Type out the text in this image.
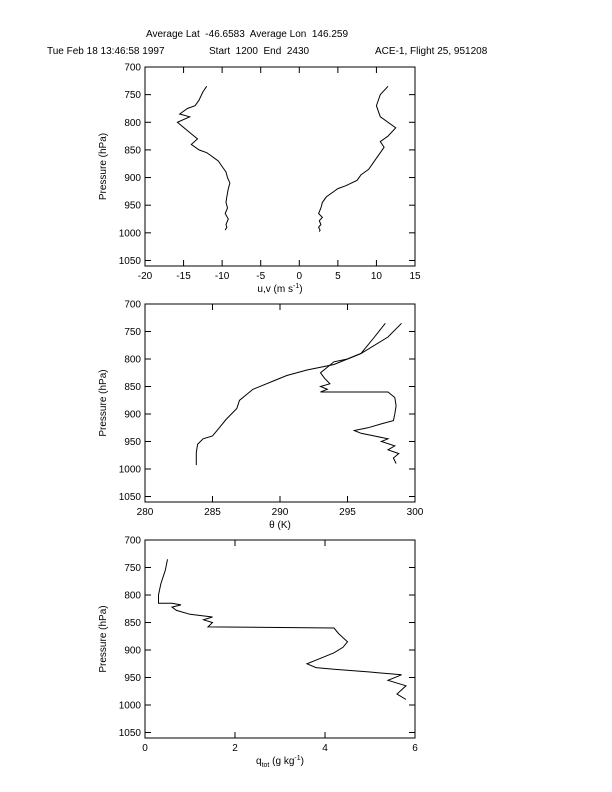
Average Lat  -46.6583  Average Lon  146.259
Tue Feb 18 13:46:58 1997	Start  1200  End  2430	ACE-1, Flight 25, 951208
-20 -15 -10	-5	0	5	10	15
700
750
800
850
900
950
1000
1050
Pressure (hPa)
u,v (m $s^{-1}$)
280	285	290	295	300
700
750
800
850
900
950
1000
1050
Pressure (hPa)
θ (K)
0	2	4	6
700
750
800
850
900
950
1000
1050
Pressure (hPa)
$q_{tot}$ (g $kg^{-1}$)
